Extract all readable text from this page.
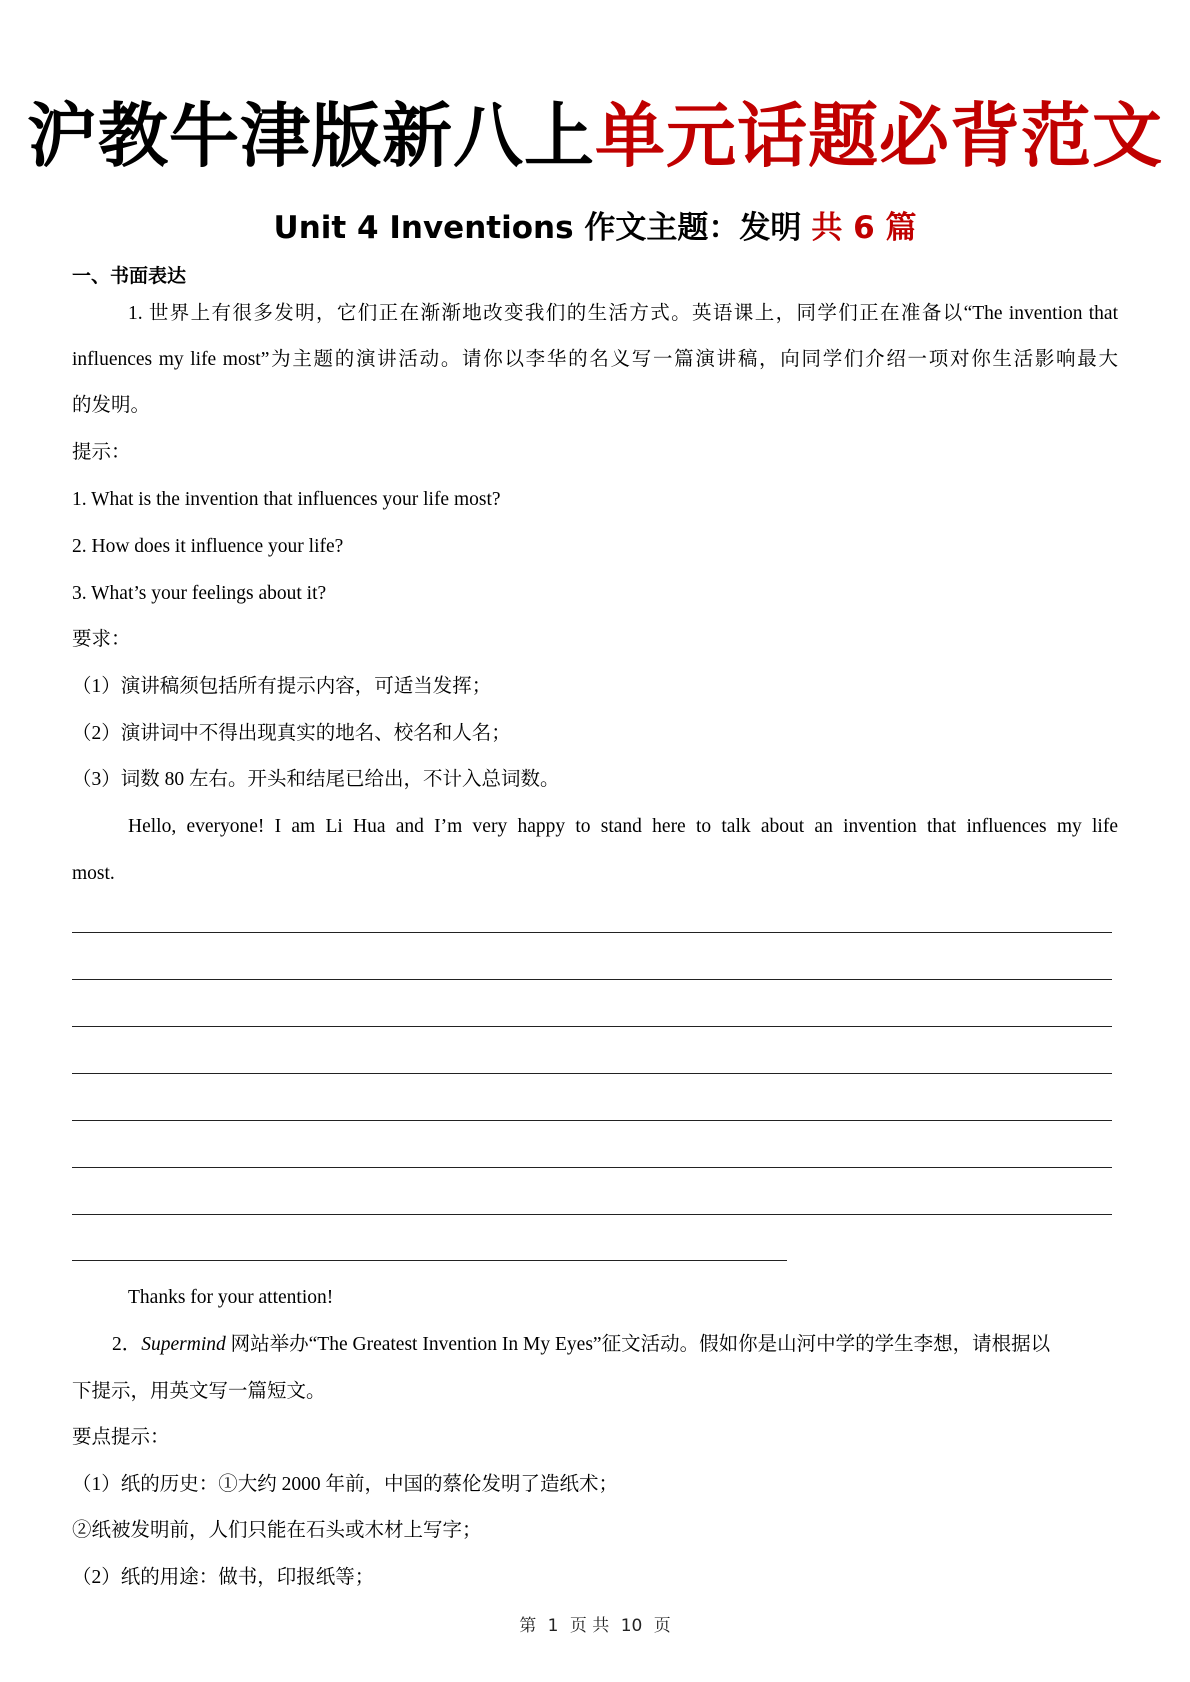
沪教牛津版新八上单元话题必背范文
Unit 4 Inventions 作文主题：发明 共 6 篇
一、书面表达
1. 世界上有很多发明，它们正在渐渐地改变我们的生活方式。英语课上，同学们正在准备以“The invention that
influences my life most”为主题的演讲活动。请你以李华的名义写一篇演讲稿，向同学们介绍一项对你生活影响最大
的发明。
提示：
1. What is the invention that influences your life most?
2. How does it influence your life?
3. What’s your feelings about it?
要求：
（1）演讲稿须包括所有提示内容，可适当发挥；
（2）演讲词中不得出现真实的地名、校名和人名；
（3）词数 80 左右。开头和结尾已给出，不计入总词数。
Hello, everyone! I am Li Hua and I’m very happy to stand here to talk about an invention that influences my life
most.
Thanks for your attention!
2．Supermind 网站举办“The Greatest Invention In My Eyes”征文活动。假如你是山河中学的学生李想，请根据以
下提示，用英文写一篇短文。
要点提示：
（1）纸的历史：①大约 2000 年前，中国的蔡伦发明了造纸术；
②纸被发明前，人们只能在石头或木材上写字；
（2）纸的用途：做书，印报纸等；
第 1 页 共 10 页
